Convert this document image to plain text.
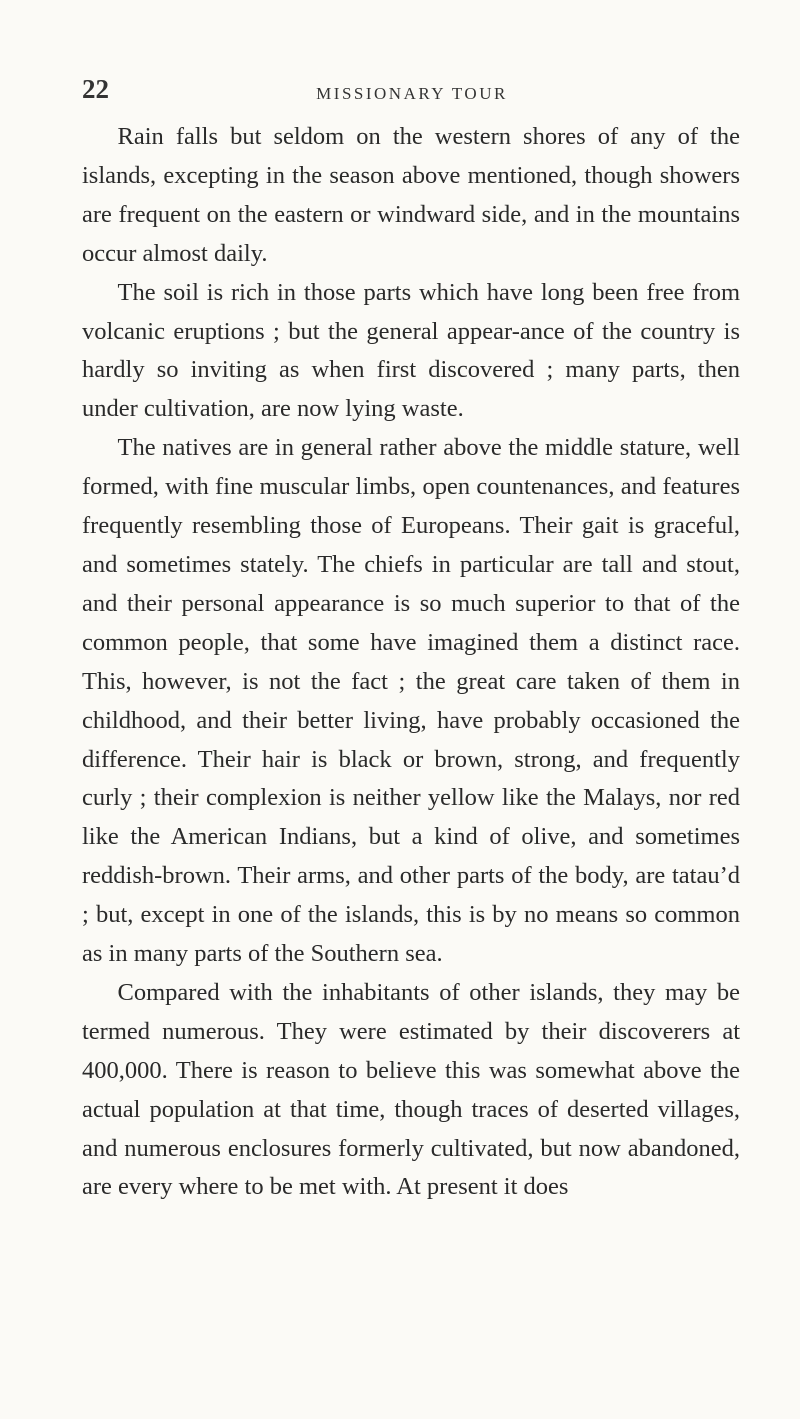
22	MISSIONARY TOUR

Rain falls but seldom on the western shores of any of the islands, excepting in the season above mentioned, though showers are frequent on the eastern or windward side, and in the mountains occur almost daily.

The soil is rich in those parts which have long been free from volcanic eruptions ; but the general appear-ance of the country is hardly so inviting as when first discovered ; many parts, then under cultivation, are now lying waste.

The natives are in general rather above the middle stature, well formed, with fine muscular limbs, open countenances, and features frequently resembling those of Europeans. Their gait is graceful, and sometimes stately. The chiefs in particular are tall and stout, and their personal appearance is so much superior to that of the common people, that some have imagined them a distinct race. This, however, is not the fact ; the great care taken of them in childhood, and their better living, have probably occasioned the difference. Their hair is black or brown, strong, and frequently curly ; their complexion is neither yellow like the Malays, nor red like the American Indians, but a kind of olive, and sometimes reddish-brown. Their arms, and other parts of the body, are tatau’d ; but, except in one of the islands, this is by no means so common as in many parts of the Southern sea.

Compared with the inhabitants of other islands, they may be termed numerous. They were estimated by their discoverers at 400,000. There is reason to believe this was somewhat above the actual population at that time, though traces of deserted villages, and numerous enclosures formerly cultivated, but now abandoned, are every where to be met with. At present it does
